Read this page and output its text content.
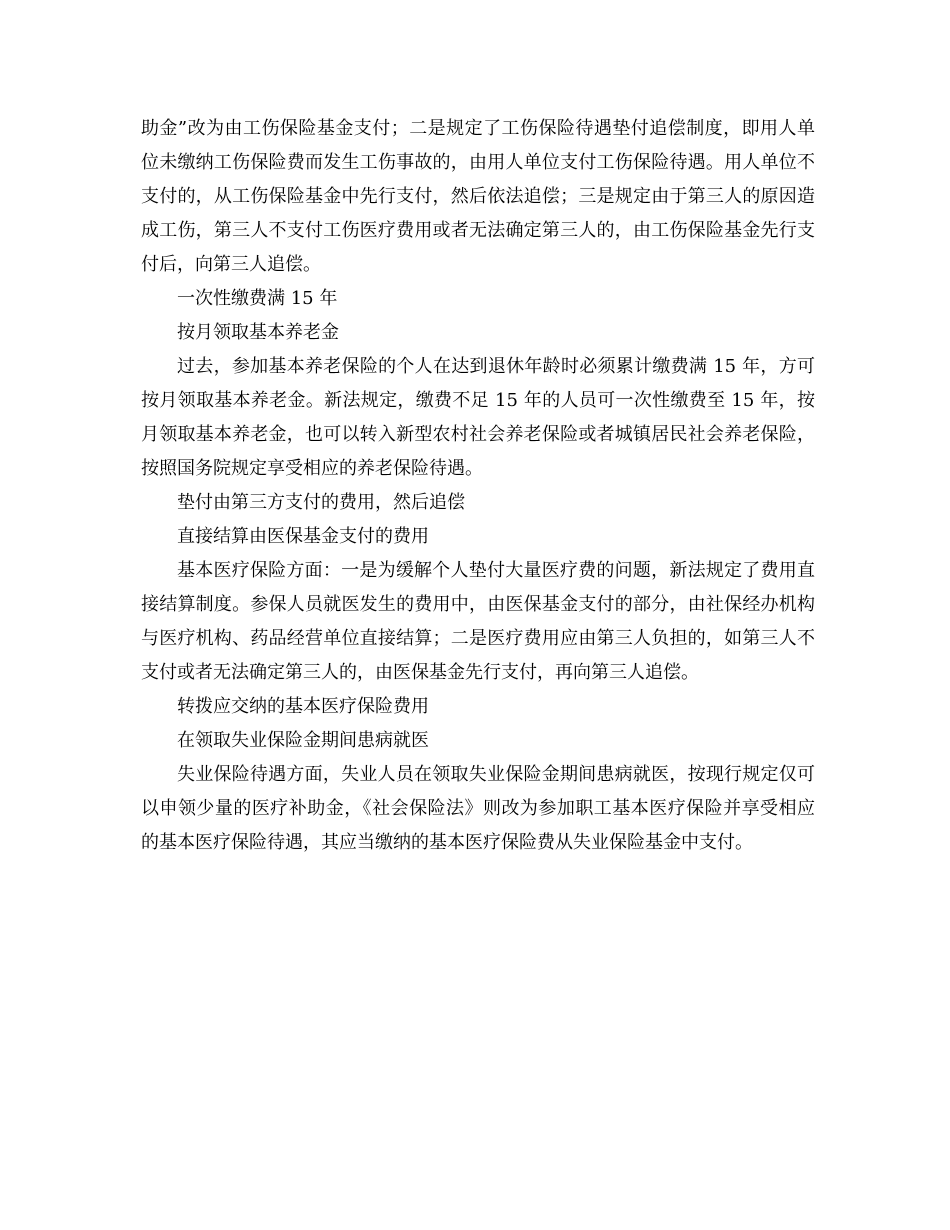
助金”改为由工伤保险基金支付；二是规定了工伤保险待遇垫付追偿制度，即用人单位未缴纳工伤保险费而发生工伤事故的，由用人单位支付工伤保险待遇。用人单位不支付的，从工伤保险基金中先行支付，然后依法追偿；三是规定由于第三人的原因造成工伤，第三人不支付工伤医疗费用或者无法确定第三人的，由工伤保险基金先行支付后，向第三人追偿。

一次性缴费满 15 年

按月领取基本养老金

过去，参加基本养老保险的个人在达到退休年龄时必须累计缴费满 15 年，方可按月领取基本养老金。新法规定，缴费不足 15 年的人员可一次性缴费至 15 年，按月领取基本养老金，也可以转入新型农村社会养老保险或者城镇居民社会养老保险，按照国务院规定享受相应的养老保险待遇。

垫付由第三方支付的费用，然后追偿

直接结算由医保基金支付的费用

基本医疗保险方面：一是为缓解个人垫付大量医疗费的问题，新法规定了费用直接结算制度。参保人员就医发生的费用中，由医保基金支付的部分，由社保经办机构与医疗机构、药品经营单位直接结算；二是医疗费用应由第三人负担的，如第三人不支付或者无法确定第三人的，由医保基金先行支付，再向第三人追偿。

转拨应交纳的基本医疗保险费用

在领取失业保险金期间患病就医

失业保险待遇方面，失业人员在领取失业保险金期间患病就医，按现行规定仅可以申领少量的医疗补助金，《社会保险法》则改为参加职工基本医疗保险并享受相应的基本医疗保险待遇，其应当缴纳的基本医疗保险费从失业保险基金中支付。
